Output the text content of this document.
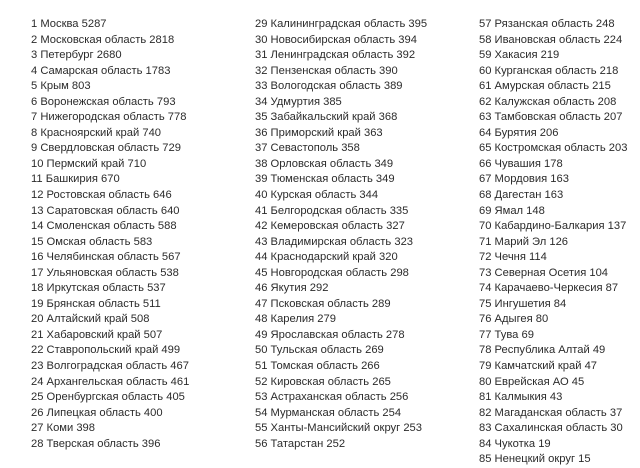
1 Москва 5287
2 Московская область 2818
3 Петербург 2680
4 Самарская область 1783
5 Крым 803
6 Воронежская область 793
7 Нижегородская область 778
8 Красноярский край 740
9 Свердловская область 729
10 Пермский край 710
11 Башкирия 670
12 Ростовская область 646
13 Саратовская область 640
14 Смоленская область 588
15 Омская область 583
16 Челябинская область 567
17 Ульяновская область 538
18 Иркутская область 537
19 Брянская область 511
20 Алтайский край 508
21 Хабаровский край 507
22 Ставропольский край 499
23 Волгоградская область 467
24 Архангельская область 461
25 Оренбургская область 405
26 Липецкая область 400
27 Коми 398
28 Тверская область 396
29 Калининградская область 395
30 Новосибирская область 394
31 Ленинградская область 392
32 Пензенская область 390
33 Вологодская область 389
34 Удмуртия 385
35 Забайкальский край 368
36 Приморский край 363
37 Севастополь 358
38 Орловская область 349
39 Тюменская область 349
40 Курская область 344
41 Белгородская область 335
42 Кемеровская область 327
43 Владимирская область 323
44 Краснодарский край 320
45 Новгородская область 298
46 Якутия 292
47 Псковская область 289
48 Карелия 279
49 Ярославская область 278
50 Тульская область 269
51 Томская область 266
52 Кировская область 265
53 Астраханская область 256
54 Мурманская область 254
55 Ханты-Мансийский округ 253
56 Татарстан 252
57 Рязанская область 248
58 Ивановская область 224
59 Хакасия 219
60 Курганская область 218
61 Амурская область 215
62 Калужская область 208
63 Тамбовская область 207
64 Бурятия 206
65 Костромская область 203
66 Чувашия 178
67 Мордовия 163
68 Дагестан 163
69 Ямал 148
70 Кабардино-Балкария 137
71 Марий Эл 126
72 Чечня 114
73 Северная Осетия 104
74 Карачаево-Черкесия 87
75 Ингушетия 84
76 Адыгея 80
77 Тува 69
78 Республика Алтай 49
79 Камчатский край 47
80 Еврейская АО 45
81 Калмыкия 43
82 Магаданская область 37
83 Сахалинская область 30
84 Чукотка 19
85 Ненецкий округ 15
